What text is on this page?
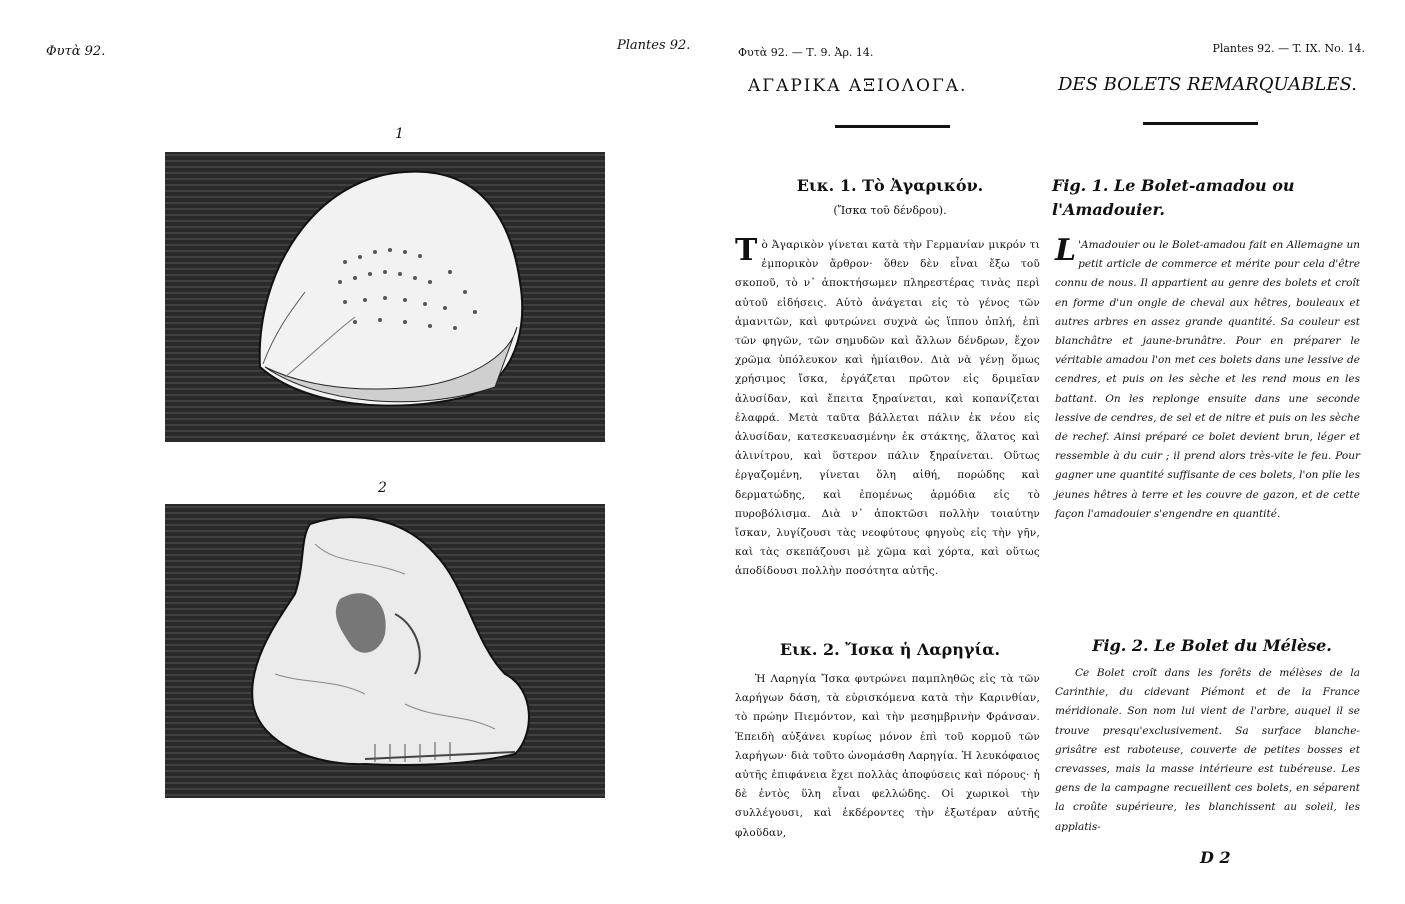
Φυτὰ 92.	Plantes 92.
1
2
Φυτὰ 92. — Τ. 9. Ἀρ. 14.	Plantes 92. — T. IX. No. 14.
ΑΓΑΡΙΚΑ ΑΞΙΟΛΟΓΑ.	DES BOLETS REMARQUABLES.
Εικ. 1. Τὸ Ἀγαρικόν.
(Ἴσκα τοῦ δένδρου).

Τὸ Ἀγαρικὸν γίνεται κατὰ τὴν Γερμανίαν μικρόν τι ἐμπορικὸν ἄρθρον· ὅθεν δὲν εἶναι ἔξω τοῦ σκοποῦ, τὸ ν᾽ ἀποκτήσωμεν πληρεστέρας τινὰς περὶ αὐτοῦ εἰδήσεις. Αὐτὸ ἀνάγεται εἰς τὸ γένος τῶν ἀμανιτῶν, καὶ φυτρώνει συχνὰ ὡς ἵππου ὁπλή, ἐπὶ τῶν φηγῶν, τῶν σημυδῶν καὶ ἄλλων δένδρων, ἔχον χρῶμα ὑπόλευκον καὶ ἡμίαιθον. Διὰ νὰ γένῃ ὅμως χρήσιμος ἴσκα, ἐργάζεται πρῶτον εἰς δριμεῖαν ἀλυσίδαν, καὶ ἔπειτα ξηραίνεται, καὶ κοπανίζεται ἐλαφρά. Μετὰ ταῦτα βάλλεται πάλιν ἐκ νέου εἰς ἀλυσίδαν, κατεσκευασμένην ἐκ στάκτης, ἅλατος καὶ ἀλινίτρου, καὶ ὕστερον πάλιν ξηραίνεται. Οὕτως ἐργαζομένη, γίνεται ὅλη αἰθή, πορώδης καὶ δερματώδης, καὶ ἐπομένως ἁρμόδια εἰς τὸ πυροβόλισμα. Διὰ ν᾽ ἀποκτῶσι πολλὴν τοιαύτην ἴσκαν, λυγίζουσι τὰς νεοφύτους φηγοὺς εἰς τὴν γῆν, καὶ τὰς σκεπάζουσι μὲ χῶμα καὶ χόρτα, καὶ οὕτως ἀποδίδουσι πολλὴν ποσότητα αὐτῆς.

Fig. 1. Le Bolet-amadou ou l'Amadouier.

L 'Amadouier ou le Bolet-amadou fait en Allemagne un petit article de commerce et mérite pour cela d'être connu de nous. Il appartient au genre des bolets et croît en forme d'un ongle de cheval aux hêtres, bouleaux et autres arbres en assez grande quantité. Sa couleur est blanchâtre et jaune-brunâtre. Pour en préparer le véritable amadou l'on met ces bolets dans une lessive de cendres, et puis on les sèche et les rend mous en les battant. On les replonge ensuite dans une seconde lessive de cendres, de sel et de nitre et puis on les sèche de rechef. Ainsi préparé ce bolet devient brun, léger et ressemble à du cuir ; il prend alors très-vite le feu. Pour gagner une quantité suffisante de ces bolets, l'on plie les jeunes hêtres à terre et les couvre de gazon, et de cette façon l'amadouier s'engendre en quantité.

Εικ. 2. Ἴσκα ἡ Λαρηγία.

Ἡ Λαρηγία Ἴσκα φυτρώνει παμπληθῶς εἰς τὰ τῶν λαρήγων δάση, τὰ εὑρισκόμενα κατὰ τὴν Καρινθίαν, τὸ πρώην Πιεμόντον, καὶ τὴν μεσημβρινὴν Φράνσαν. Ἐπειδὴ αὐξάνει κυρίως μόνον ἐπὶ τοῦ κορμοῦ τῶν λαρήγων· διὰ τοῦτο ὠνομάσθη Λαρηγία. Ἡ λευκόφαιος αὐτῆς ἐπιφάνεια ἔχει πολλὰς ἀποφύσεις καὶ πόρους· ἡ δὲ ἐντὸς ὕλη εἶναι φελλώδης. Οἱ χωρικοὶ τὴν συλλέγουσι, καὶ ἐκδέροντες τὴν ἐξωτέραν αὐτῆς φλοῦδαν,

Fig. 2. Le Bolet du Mélèse.

Ce Bolet croît dans les forêts de mélèses de la Carinthie, du cidevant Piémont et de la France méridionale. Son nom lui vient de l'arbre, auquel il se trouve presqu'exclusivement. Sa surface blanche-grisâtre est raboteuse, couverte de petites bosses et crevasses, mais la masse intérieure est tubéreuse. Les gens de la campagne recueillent ces bolets, en séparent la croûte supérieure, les blanchissent au soleil, les applatis-

D 2
